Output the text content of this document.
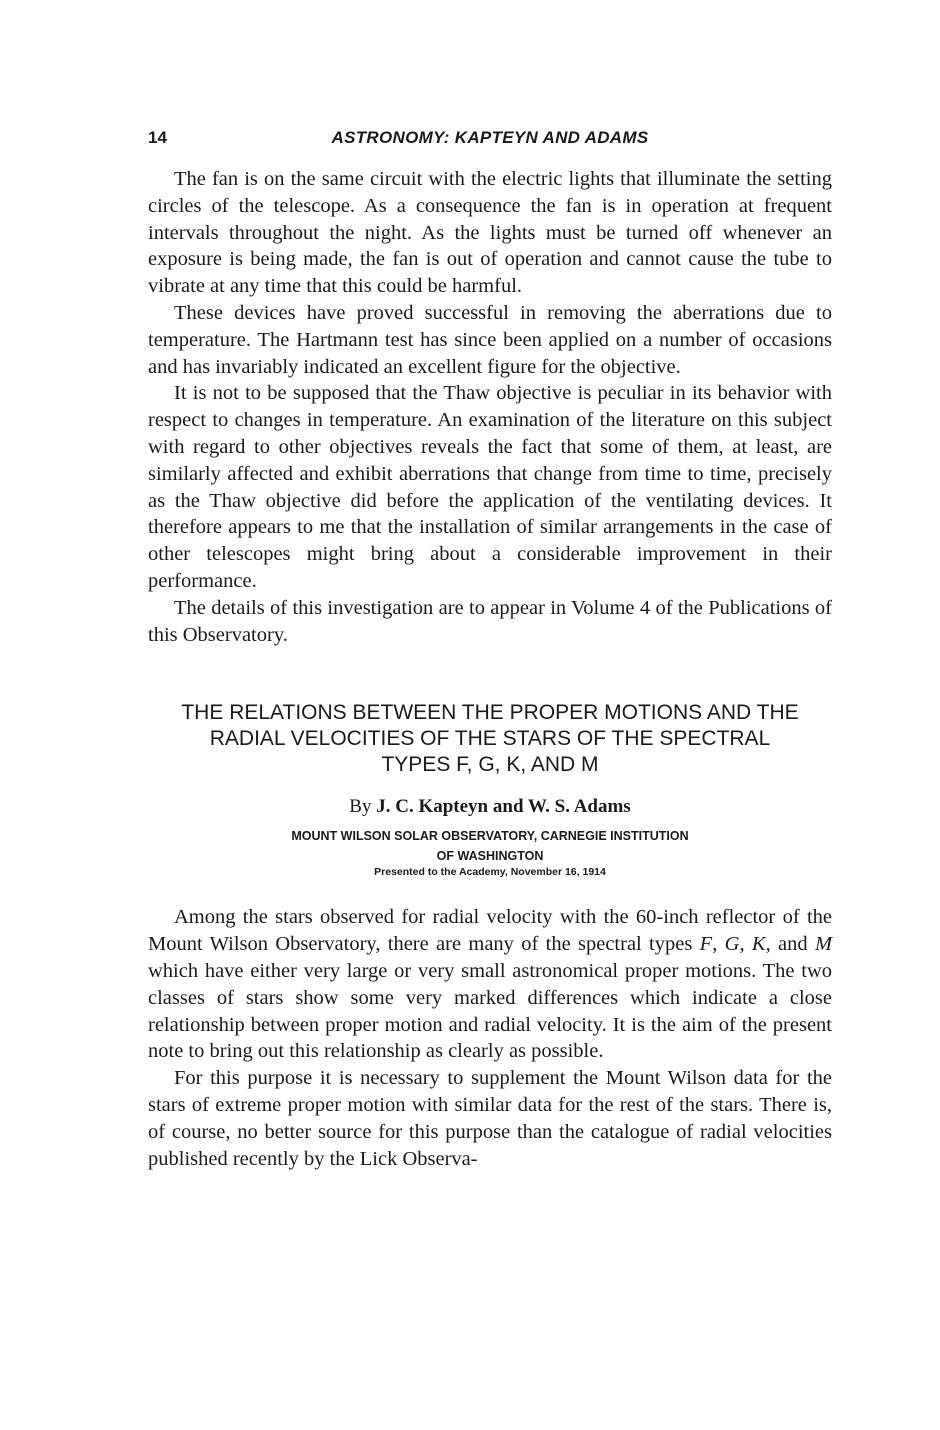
14	ASTRONOMY: KAPTEYN AND ADAMS

The fan is on the same circuit with the electric lights that illuminate the setting circles of the telescope. As a consequence the fan is in operation at frequent intervals throughout the night. As the lights must be turned off whenever an exposure is being made, the fan is out of operation and cannot cause the tube to vibrate at any time that this could be harmful.

These devices have proved successful in removing the aberrations due to temperature. The Hartmann test has since been applied on a number of occasions and has invariably indicated an excellent figure for the objective.

It is not to be supposed that the Thaw objective is peculiar in its behavior with respect to changes in temperature. An examination of the literature on this subject with regard to other objectives reveals the fact that some of them, at least, are similarly affected and exhibit aberrations that change from time to time, precisely as the Thaw objective did before the application of the ventilating devices. It therefore appears to me that the installation of similar arrangements in the case of other telescopes might bring about a considerable improvement in their performance.

The details of this investigation are to appear in Volume 4 of the Publications of this Observatory.

THE RELATIONS BETWEEN THE PROPER MOTIONS AND THE
RADIAL VELOCITIES OF THE STARS OF THE SPECTRAL
TYPES F, G, K, AND M
By J. C. Kapteyn and W. S. Adams
MOUNT WILSON SOLAR OBSERVATORY, CARNEGIE INSTITUTION
OF WASHINGTON
Presented to the Academy, November 16, 1914

Among the stars observed for radial velocity with the 60-inch reflector of the Mount Wilson Observatory, there are many of the spectral types F, G, K, and M which have either very large or very small astronomical proper motions. The two classes of stars show some very marked differences which indicate a close relationship between proper motion and radial velocity. It is the aim of the present note to bring out this relationship as clearly as possible.

For this purpose it is necessary to supplement the Mount Wilson data for the stars of extreme proper motion with similar data for the rest of the stars. There is, of course, no better source for this purpose than the catalogue of radial velocities published recently by the Lick Observa-
